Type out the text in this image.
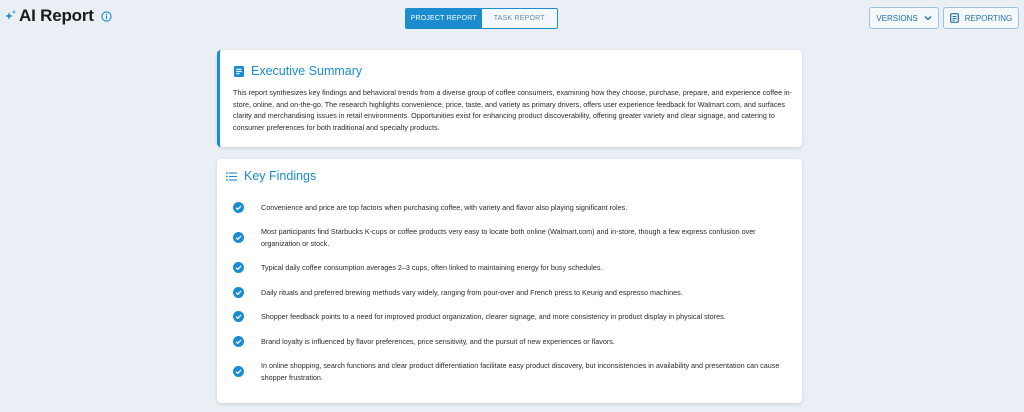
AI Report	PROJECT REPORT	TASK REPORT	VERSIONS	REPORTING
Executive Summary

This report synthesizes key findings and behavioral trends from a diverse group of coffee consumers, examining how they choose, purchase, prepare, and experience coffee in-store, online, and on-the-go. The research highlights convenience, price, taste, and variety as primary drivers, offers user experience feedback for Walmart.com, and surfaces clarity and merchandising issues in retail environments. Opportunities exist for enhancing product discoverability, offering greater variety and clear signage, and catering to consumer preferences for both traditional and specialty products.

Key Findings
Convenience and price are top factors when purchasing coffee, with variety and flavor also playing significant roles.
Most participants find Starbucks K-cups or coffee products very easy to locate both online (Walmart.com) and in-store, though a few express confusion over organization or stock.
Typical daily coffee consumption averages 2–3 cups, often linked to maintaining energy for busy schedules.
Daily rituals and preferred brewing methods vary widely, ranging from pour-over and French press to Keurig and espresso machines.
Shopper feedback points to a need for improved product organization, clearer signage, and more consistency in product display in physical stores.
Brand loyalty is influenced by flavor preferences, price sensitivity, and the pursuit of new experiences or flavors.
In online shopping, search functions and clear product differentiation facilitate easy product discovery, but inconsistencies in availability and presentation can cause shopper frustration.
